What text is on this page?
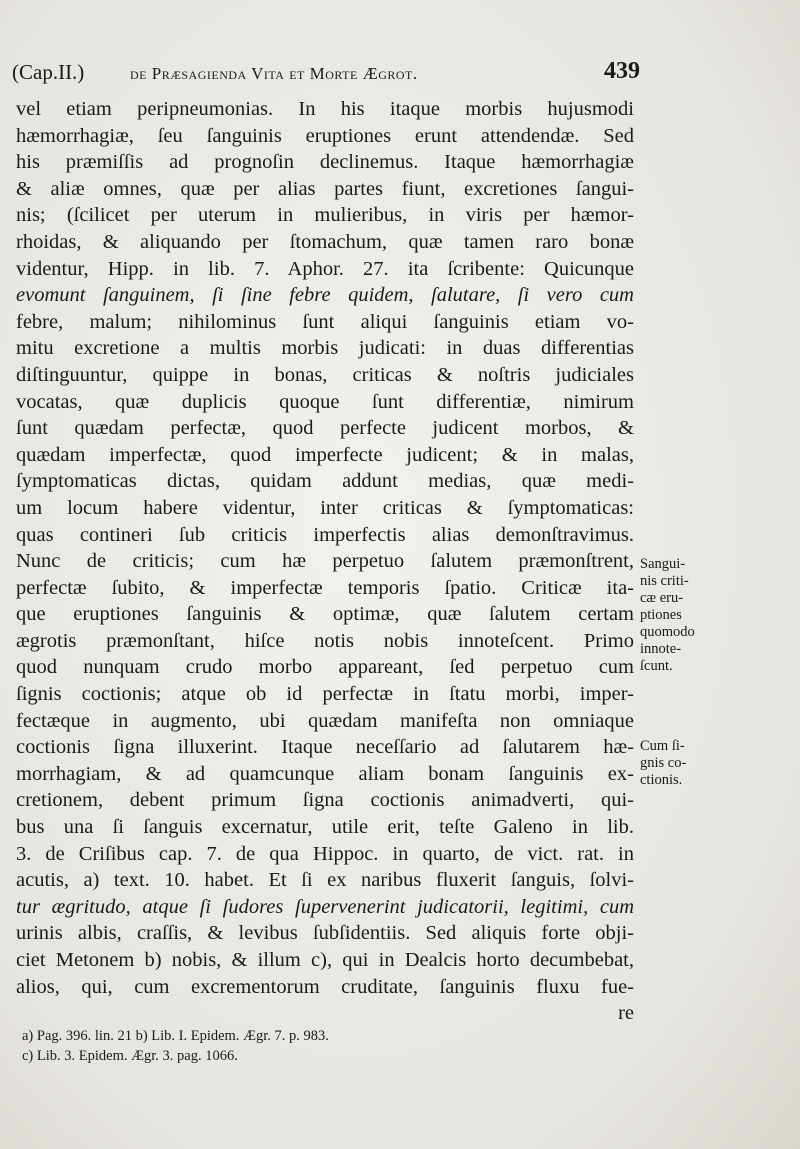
(Cap.II.)	de Præsagienda Vita et Morte Ægrot.	439
vel etiam peripneumonias. In his itaque morbis hujusmodi
hæmorrhagiæ, ſeu ſanguinis eruptiones erunt attendendæ. Sed
his præmiſſis ad prognoſin declinemus. Itaque hæmorrhagiæ
& aliæ omnes, quæ per alias partes fiunt, excretiones ſangui-
nis; (ſcilicet per uterum in mulieribus, in viris per hæmor-
rhoidas, & aliquando per ſtomachum, quæ tamen raro bonæ
videntur, Hipp. in lib. 7. Aphor. 27. ita ſcribente: Quicunque
evomunt ſanguinem, ſi ſine febre quidem, ſalutare, ſi vero cum
febre, malum; nihilominus ſunt aliqui ſanguinis etiam vo-
mitu excretione a multis morbis judicati: in duas differentias
diſtinguuntur, quippe in bonas, criticas & noſtris judiciales
vocatas, quæ duplicis quoque ſunt differentiæ, nimirum
ſunt quædam perfectæ, quod perfecte judicent morbos, &
quædam imperfectæ, quod imperfecte judicent; & in malas,
ſymptomaticas dictas, quidam addunt medias, quæ medi-
um locum habere videntur, inter criticas & ſymptomaticas:
quas contineri ſub criticis imperfectis alias demonſtravimus.
Nunc de criticis; cum hæ perpetuo ſalutem præmonſtrent,
perfectæ ſubito, & imperfectæ temporis ſpatio. Criticæ ita-
que eruptiones ſanguinis & optimæ, quæ ſalutem certam
ægrotis præmonſtant, hiſce notis nobis innoteſcent. Primo
quod nunquam crudo morbo appareant, ſed perpetuo cum
ſignis coctionis; atque ob id perfectæ in ſtatu morbi, imper-
fectæque in augmento, ubi quædam manifeſta non omniaque
coctionis ſigna illuxerint. Itaque neceſſario ad ſalutarem hæ-
morrhagiam, & ad quamcunque aliam bonam ſanguinis ex-
cretionem, debent primum ſigna coctionis animadverti, qui-
bus una ſi ſanguis excernatur, utile erit, teſte Galeno in lib.
3. de Criſibus cap. 7. de qua Hippoc. in quarto, de vict. rat. in
acutis, a) text. 10. habet. Et ſi ex naribus fluxerit ſanguis, ſolvi-
tur ægritudo, atque ſi ſudores ſupervenerint judicatorii, legitimi, cum
urinis albis, craſſis, & levibus ſubſidentiis. Sed aliquis forte obji-
ciet Metonem b) nobis, & illum c), qui in Dealcis horto decumbebat,
alios, qui, cum excrementorum cruditate, ſanguinis fluxu fue-
re
Sangui-
nis criti-
cæ eru-
ptiones
quomodo
innote-
ſcunt.
Cum ſi-
gnis co-
ctionis.
a) Pag. 396. lin. 21 b) Lib. I. Epidem. Ægr. 7. p. 983.
c) Lib. 3. Epidem. Ægr. 3. pag. 1066.
